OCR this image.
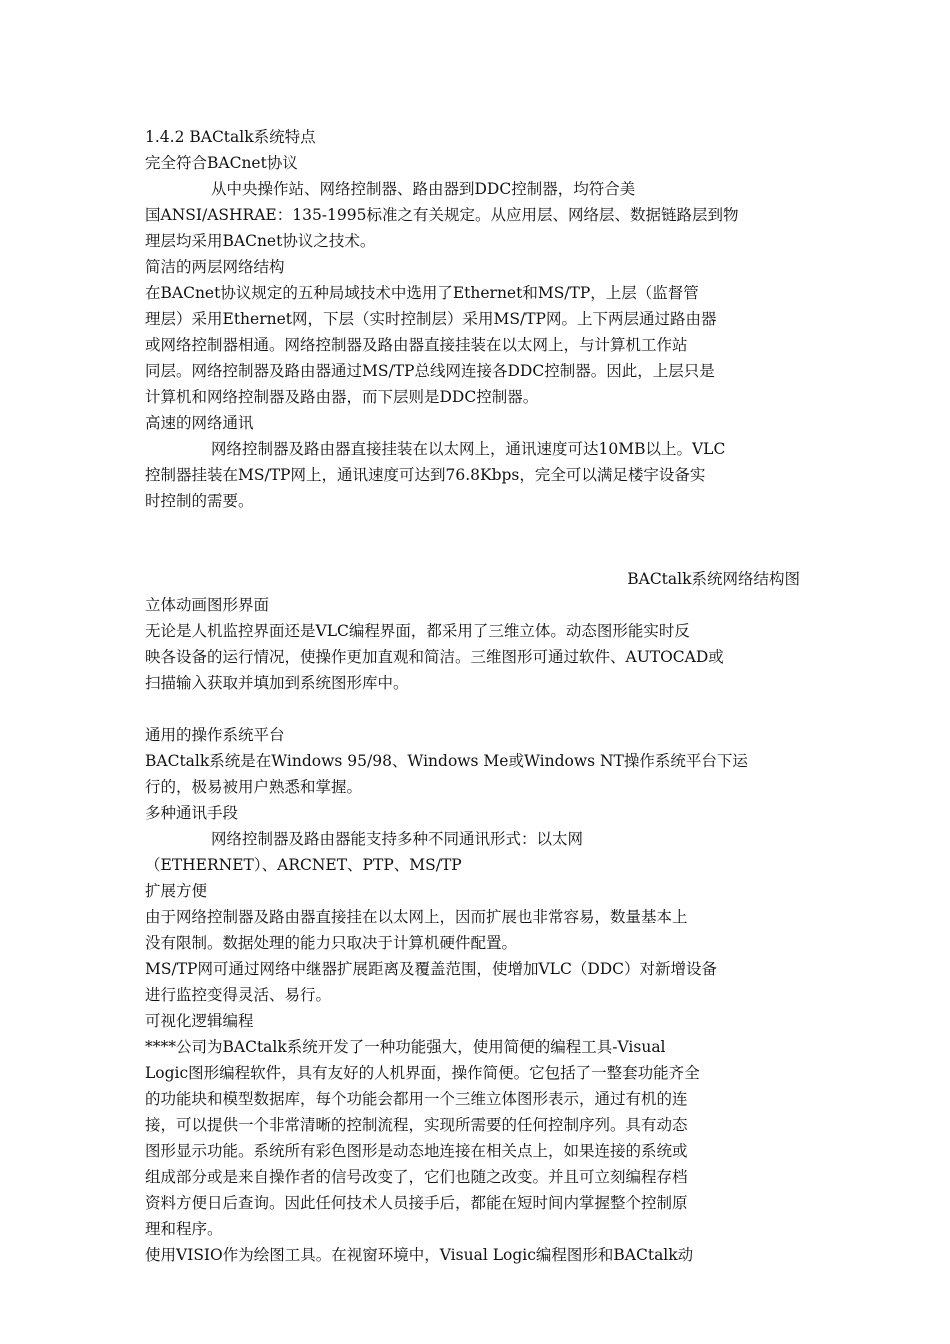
1.4.2 BACtalk系统特点
完全符合BACnet协议
从中央操作站、网络控制器、路由器到DDC控制器，均符合美
国ANSI/ASHRAE：135-1995标准之有关规定。从应用层、网络层、数据链路层到物
理层均采用BACnet协议之技术。
简洁的两层网络结构
在BACnet协议规定的五种局域技术中选用了Ethernet和MS/TP，上层（监督管
理层）采用Ethernet网，下层（实时控制层）采用MS/TP网。上下两层通过路由器
或网络控制器相通。网络控制器及路由器直接挂装在以太网上，与计算机工作站
同层。网络控制器及路由器通过MS/TP总线网连接各DDC控制器。因此，上层只是
计算机和网络控制器及路由器，而下层则是DDC控制器。
高速的网络通讯
网络控制器及路由器直接挂装在以太网上，通讯速度可达10MB以上。VLC
控制器挂装在MS/TP网上，通讯速度可达到76.8Kbps，完全可以满足楼宇设备实
时控制的需要。
BACtalk系统网络结构图
立体动画图形界面
无论是人机监控界面还是VLC编程界面，都采用了三维立体。动态图形能实时反
映各设备的运行情况，使操作更加直观和简洁。三维图形可通过软件、AUTOCAD或
扫描输入获取并填加到系统图形库中。
通用的操作系统平台
BACtalk系统是在Windows 95/98、Windows Me或Windows NT操作系统平台下运
行的，极易被用户熟悉和掌握。
多种通讯手段
网络控制器及路由器能支持多种不同通讯形式：以太网
（ETHERNET）、ARCNET、PTP、MS/TP
扩展方便
由于网络控制器及路由器直接挂在以太网上，因而扩展也非常容易，数量基本上
没有限制。数据处理的能力只取决于计算机硬件配置。
MS/TP网可通过网络中继器扩展距离及覆盖范围，使增加VLC（DDC）对新增设备
进行监控变得灵活、易行。
可视化逻辑编程
****公司为BACtalk系统开发了一种功能强大，使用简便的编程工具-Visual
Logic图形编程软件，具有友好的人机界面，操作简便。它包括了一整套功能齐全
的功能块和模型数据库，每个功能会都用一个三维立体图形表示，通过有机的连
接，可以提供一个非常清晰的控制流程，实现所需要的任何控制序列。具有动态
图形显示功能。系统所有彩色图形是动态地连接在相关点上，如果连接的系统或
组成部分或是来自操作者的信号改变了，它们也随之改变。并且可立刻编程存档
资料方便日后查询。因此任何技术人员接手后，都能在短时间内掌握整个控制原
理和程序。
使用VISIO作为绘图工具。在视窗环境中，Visual Logic编程图形和BACtalk动
